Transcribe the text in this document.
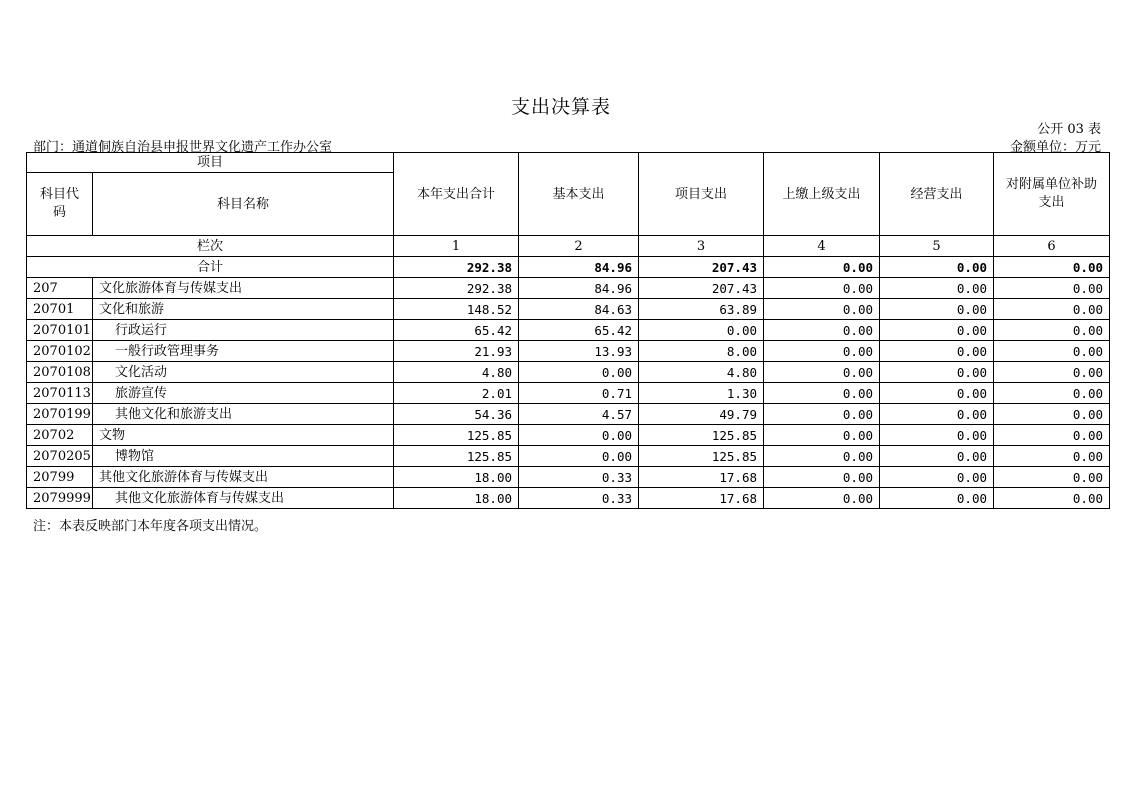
支出决算表
公开 03 表
部门：通道侗族自治县申报世界文化遗产工作办公室	金额单位：万元
项目		本年支出合计	基本支出	项目支出	上缴上级支出	经营支出	对附属单位补助支出
科目代码	科目名称						
栏次		1	2	3	4	5	6
合计		292.38	84.96	207.43	0.00	0.00	0.00
207	文化旅游体育与传媒支出	292.38	84.96	207.43	0.00	0.00	0.00
20701	文化和旅游	148.52	84.63	63.89	0.00	0.00	0.00
2070101	行政运行	65.42	65.42	0.00	0.00	0.00	0.00
2070102	一般行政管理事务	21.93	13.93	8.00	0.00	0.00	0.00
2070108	文化活动	4.80	0.00	4.80	0.00	0.00	0.00
2070113	旅游宣传	2.01	0.71	1.30	0.00	0.00	0.00
2070199	其他文化和旅游支出	54.36	4.57	49.79	0.00	0.00	0.00
20702	文物	125.85	0.00	125.85	0.00	0.00	0.00
2070205	博物馆	125.85	0.00	125.85	0.00	0.00	0.00
20799	其他文化旅游体育与传媒支出	18.00	0.33	17.68	0.00	0.00	0.00
2079999	其他文化旅游体育与传媒支出	18.00	0.33	17.68	0.00	0.00	0.00
注：本表反映部门本年度各项支出情况。
